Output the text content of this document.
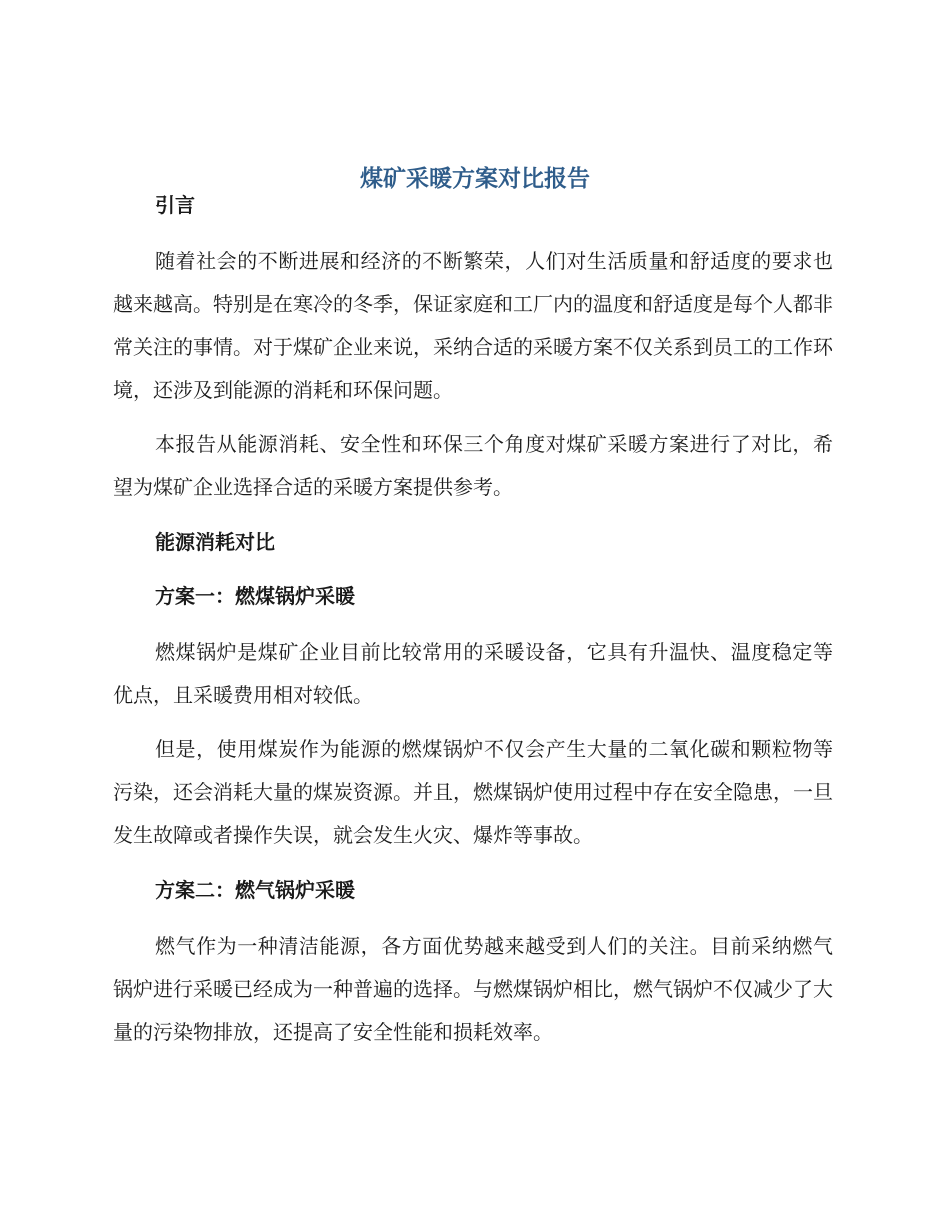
煤矿采暖方案对比报告

引言

随着社会的不断进展和经济的不断繁荣，人们对生活质量和舒适度的要求也越来越高。特别是在寒冷的冬季，保证家庭和工厂内的温度和舒适度是每个人都非常关注的事情。对于煤矿企业来说，采纳合适的采暖方案不仅关系到员工的工作环境，还涉及到能源的消耗和环保问题。

本报告从能源消耗、安全性和环保三个角度对煤矿采暖方案进行了对比，希望为煤矿企业选择合适的采暖方案提供参考。

能源消耗对比

方案一：燃煤锅炉采暖

燃煤锅炉是煤矿企业目前比较常用的采暖设备，它具有升温快、温度稳定等优点，且采暖费用相对较低。

但是，使用煤炭作为能源的燃煤锅炉不仅会产生大量的二氧化碳和颗粒物等污染，还会消耗大量的煤炭资源。并且，燃煤锅炉使用过程中存在安全隐患，一旦发生故障或者操作失误，就会发生火灾、爆炸等事故。

方案二：燃气锅炉采暖

燃气作为一种清洁能源，各方面优势越来越受到人们的关注。目前采纳燃气锅炉进行采暖已经成为一种普遍的选择。与燃煤锅炉相比，燃气锅炉不仅减少了大量的污染物排放，还提高了安全性能和损耗效率。
